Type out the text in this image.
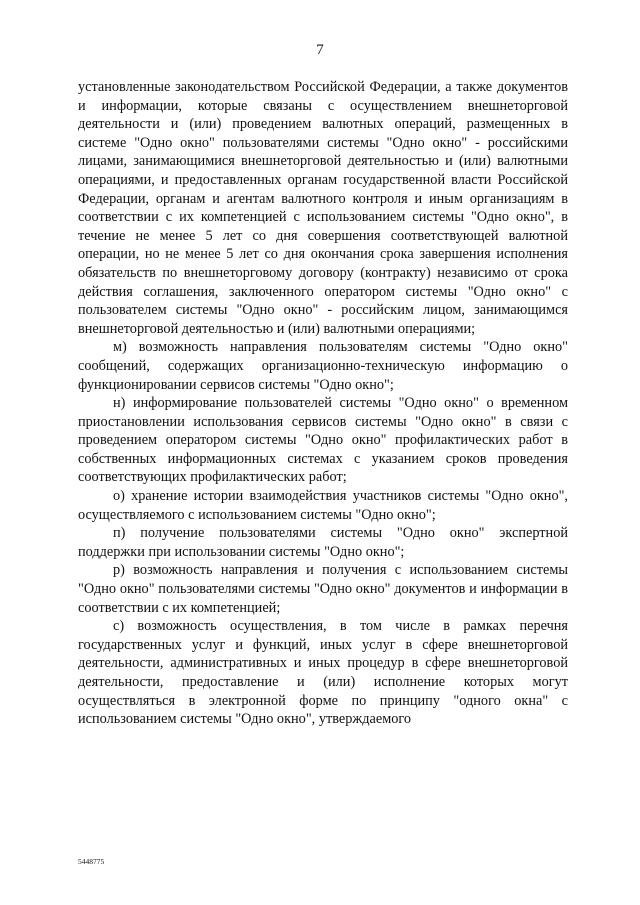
7

установленные законодательством Российской Федерации, а также документов и информации, которые связаны с осуществлением внешнеторговой деятельности и (или) проведением валютных операций, размещенных в системе "Одно окно" пользователями системы "Одно окно" - российскими лицами, занимающимися внешнеторговой деятельностью и (или) валютными операциями, и предоставленных органам государственной власти Российской Федерации, органам и агентам валютного контроля и иным организациям в соответствии с их компетенцией с использованием системы "Одно окно", в течение не менее 5 лет со дня совершения соответствующей валютной операции, но не менее 5 лет со дня окончания срока завершения исполнения обязательств по внешнеторговому договору (контракту) независимо от срока действия соглашения, заключенного оператором системы "Одно окно" с пользователем системы "Одно окно" - российским лицом, занимающимся внешнеторговой деятельностью и (или) валютными операциями;

м) возможность направления пользователям системы "Одно окно" сообщений, содержащих организационно-техническую информацию о функционировании сервисов системы "Одно окно";

н) информирование пользователей системы "Одно окно" о временном приостановлении использования сервисов системы "Одно окно" в связи с проведением оператором системы "Одно окно" профилактических работ в собственных информационных системах с указанием сроков проведения соответствующих профилактических работ;

о) хранение истории взаимодействия участников системы "Одно окно", осуществляемого с использованием системы "Одно окно";

п) получение пользователями системы "Одно окно" экспертной поддержки при использовании системы "Одно окно";

р) возможность направления и получения с использованием системы "Одно окно" пользователями системы "Одно окно" документов и информации в соответствии с их компетенцией;

с) возможность осуществления, в том числе в рамках перечня государственных услуг и функций, иных услуг в сфере внешнеторговой деятельности, административных и иных процедур в сфере внешнеторговой деятельности, предоставление и (или) исполнение которых могут осуществляться в электронной форме по принципу "одного окна" с использованием системы "Одно окно", утверждаемого

5448775
